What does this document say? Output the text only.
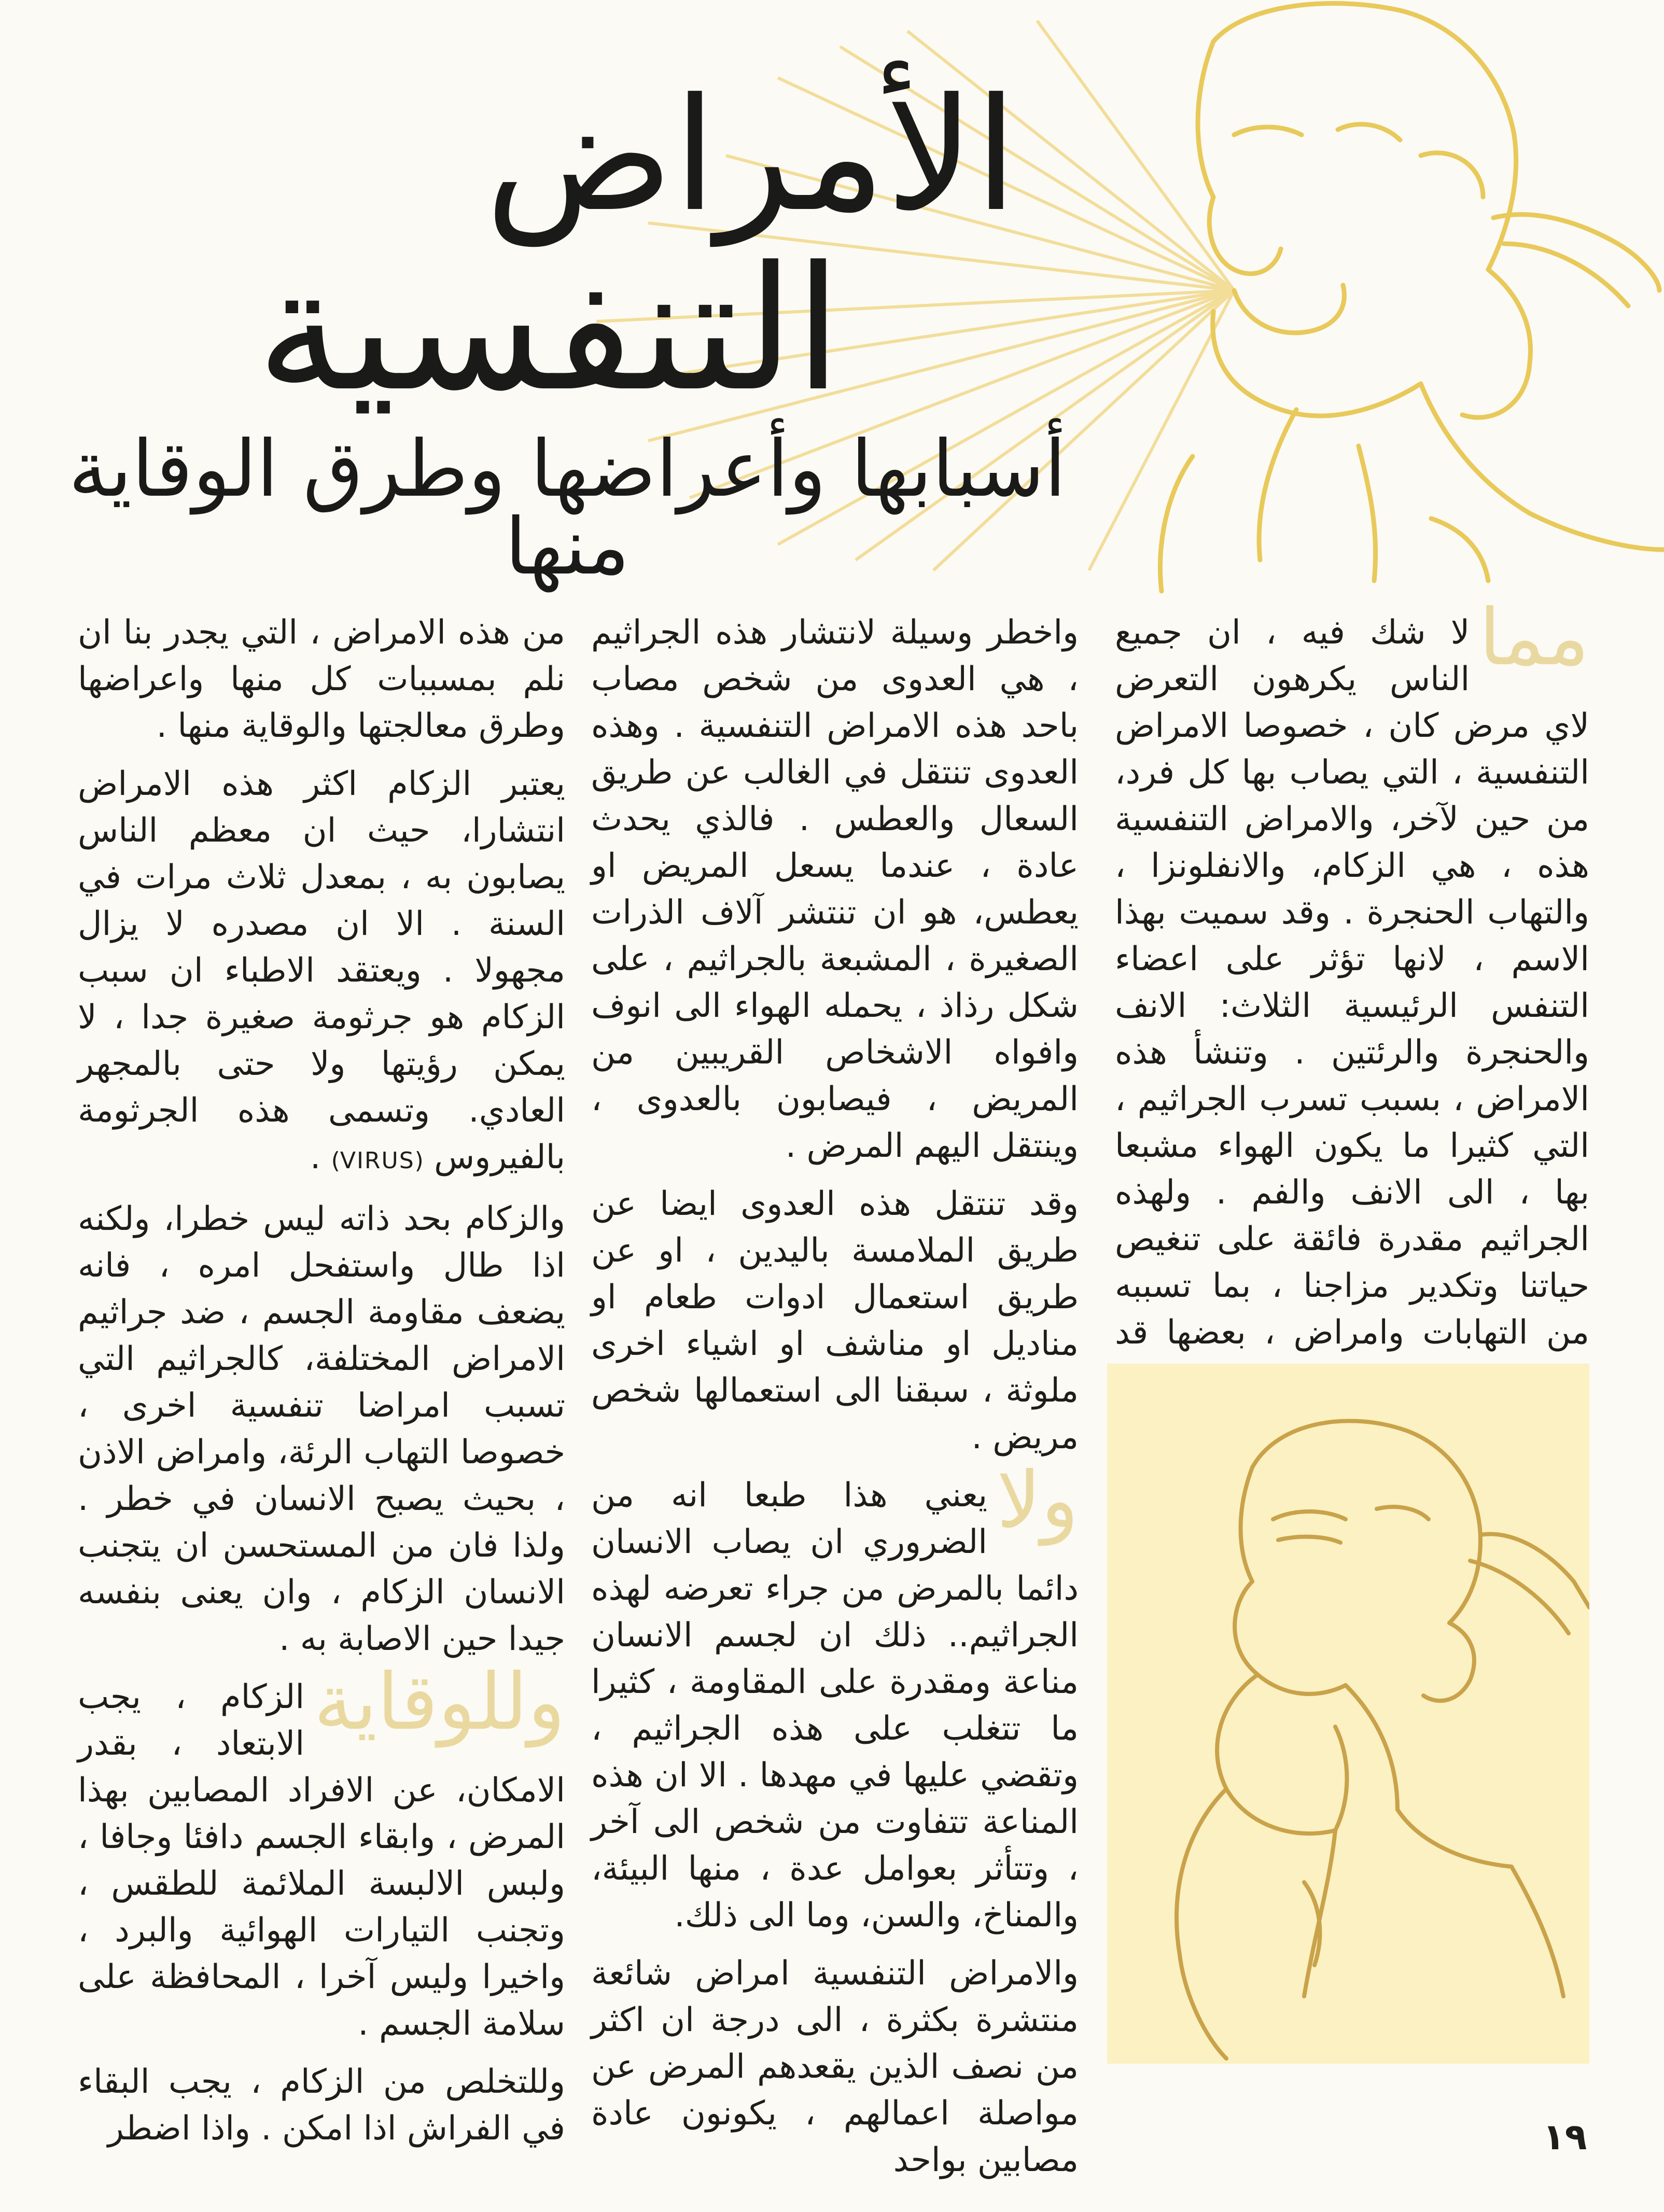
الأمراض
التنفسية
أسبابها وأعراضها وطرق الوقاية منها
مما

لا شك فيه ، ان جميع الناس يكرهون التعرض لاي مرض كان ، خصوصا الامراض التنفسية ، التي يصاب بها كل فرد، من حين لآخر، والامراض التنفسية هذه ، هي الزكام، والانفلونزا ، والتهاب الحنجرة . وقد سميت بهذا الاسم ، لانها تؤثر على اعضاء التنفس الرئيسية الثلاث: الانف والحنجرة والرئتين . وتنشأ هذه الامراض ، بسبب تسرب الجراثيم ، التي كثيرا ما يكون الهواء مشبعا بها ، الى الانف والفم . ولهذه الجراثيم مقدرة فائقة على تنغيص حياتنا وتكدير مزاجنا ، بما تسببه من التهابات وامراض ، بعضها قد

واخطر وسيلة لانتشار هذه الجراثيم ، هي العدوى من شخص مصاب باحد هذه الامراض التنفسية . وهذه العدوى تنتقل في الغالب عن طريق السعال والعطس . فالذي يحدث عادة ، عندما يسعل المريض او يعطس، هو ان تنتشر آلاف الذرات الصغيرة ، المشبعة بالجراثيم ، على شكل رذاذ ، يحمله الهواء الى انوف وافواه الاشخاص القريبين من المريض ، فيصابون بالعدوى ، وينتقل اليهم المرض .

وقد تنتقل هذه العدوى ايضا عن طريق الملامسة باليدين ، او عن طريق استعمال ادوات طعام او مناديل او مناشف او اشياء اخرى ملوثة ، سبقنا الى استعمالها شخص مريض .

ولا
يعني هذا طبعا انه من الضروري ان يصاب الانسان دائما بالمرض من جراء تعرضه لهذه الجراثيم.. ذلك ان لجسم الانسان مناعة ومقدرة على المقاومة ، كثيرا ما تتغلب على هذه الجراثيم ، وتقضي عليها في مهدها . الا ان هذه المناعة تتفاوت من شخص الى آخر ، وتتأثر بعوامل عدة ، منها البيئة، والمناخ، والسن، وما الى ذلك.

والامراض التنفسية امراض شائعة منتشرة بكثرة ، الى درجة ان اكثر من نصف الذين يقعدهم المرض عن مواصلة اعمالهم ، يكونون عادة مصابين بواحد

من هذه الامراض ، التي يجدر بنا ان نلم بمسببات كل منها واعراضها وطرق معالجتها والوقاية منها .

يعتبر الزكام اكثر هذه الامراض انتشارا، حيث ان معظم الناس يصابون به ، بمعدل ثلاث مرات في السنة . الا ان مصدره لا يزال مجهولا . ويعتقد الاطباء ان سبب الزكام هو جرثومة صغيرة جدا ، لا يمكن رؤيتها ولا حتى بالمجهر العادي. وتسمى هذه الجرثومة بالفيروس (VIRUS) .

والزكام بحد ذاته ليس خطرا، ولكنه اذا طال واستفحل امره ، فانه يضعف مقاومة الجسم ، ضد جراثيم الامراض المختلفة، كالجراثيم التي تسبب امراضا تنفسية اخرى ، خصوصا التهاب الرئة، وامراض الاذن ، بحيث يصبح الانسان في خطر . ولذا فان من المستحسن ان يتجنب الانسان الزكام ، وان يعنى بنفسه جيدا حين الاصابة به .

وللوقاية
الزكام ، يجب الابتعاد ، بقدر الامكان، عن الافراد المصابين بهذا المرض ، وابقاء الجسم دافئا وجافا ، ولبس الالبسة الملائمة للطقس ، وتجنب التيارات الهوائية والبرد ، واخيرا وليس آخرا ، المحافظة على سلامة الجسم .

وللتخلص من الزكام ، يجب البقاء في الفراش اذا امكن . واذا اضطر	١٩
